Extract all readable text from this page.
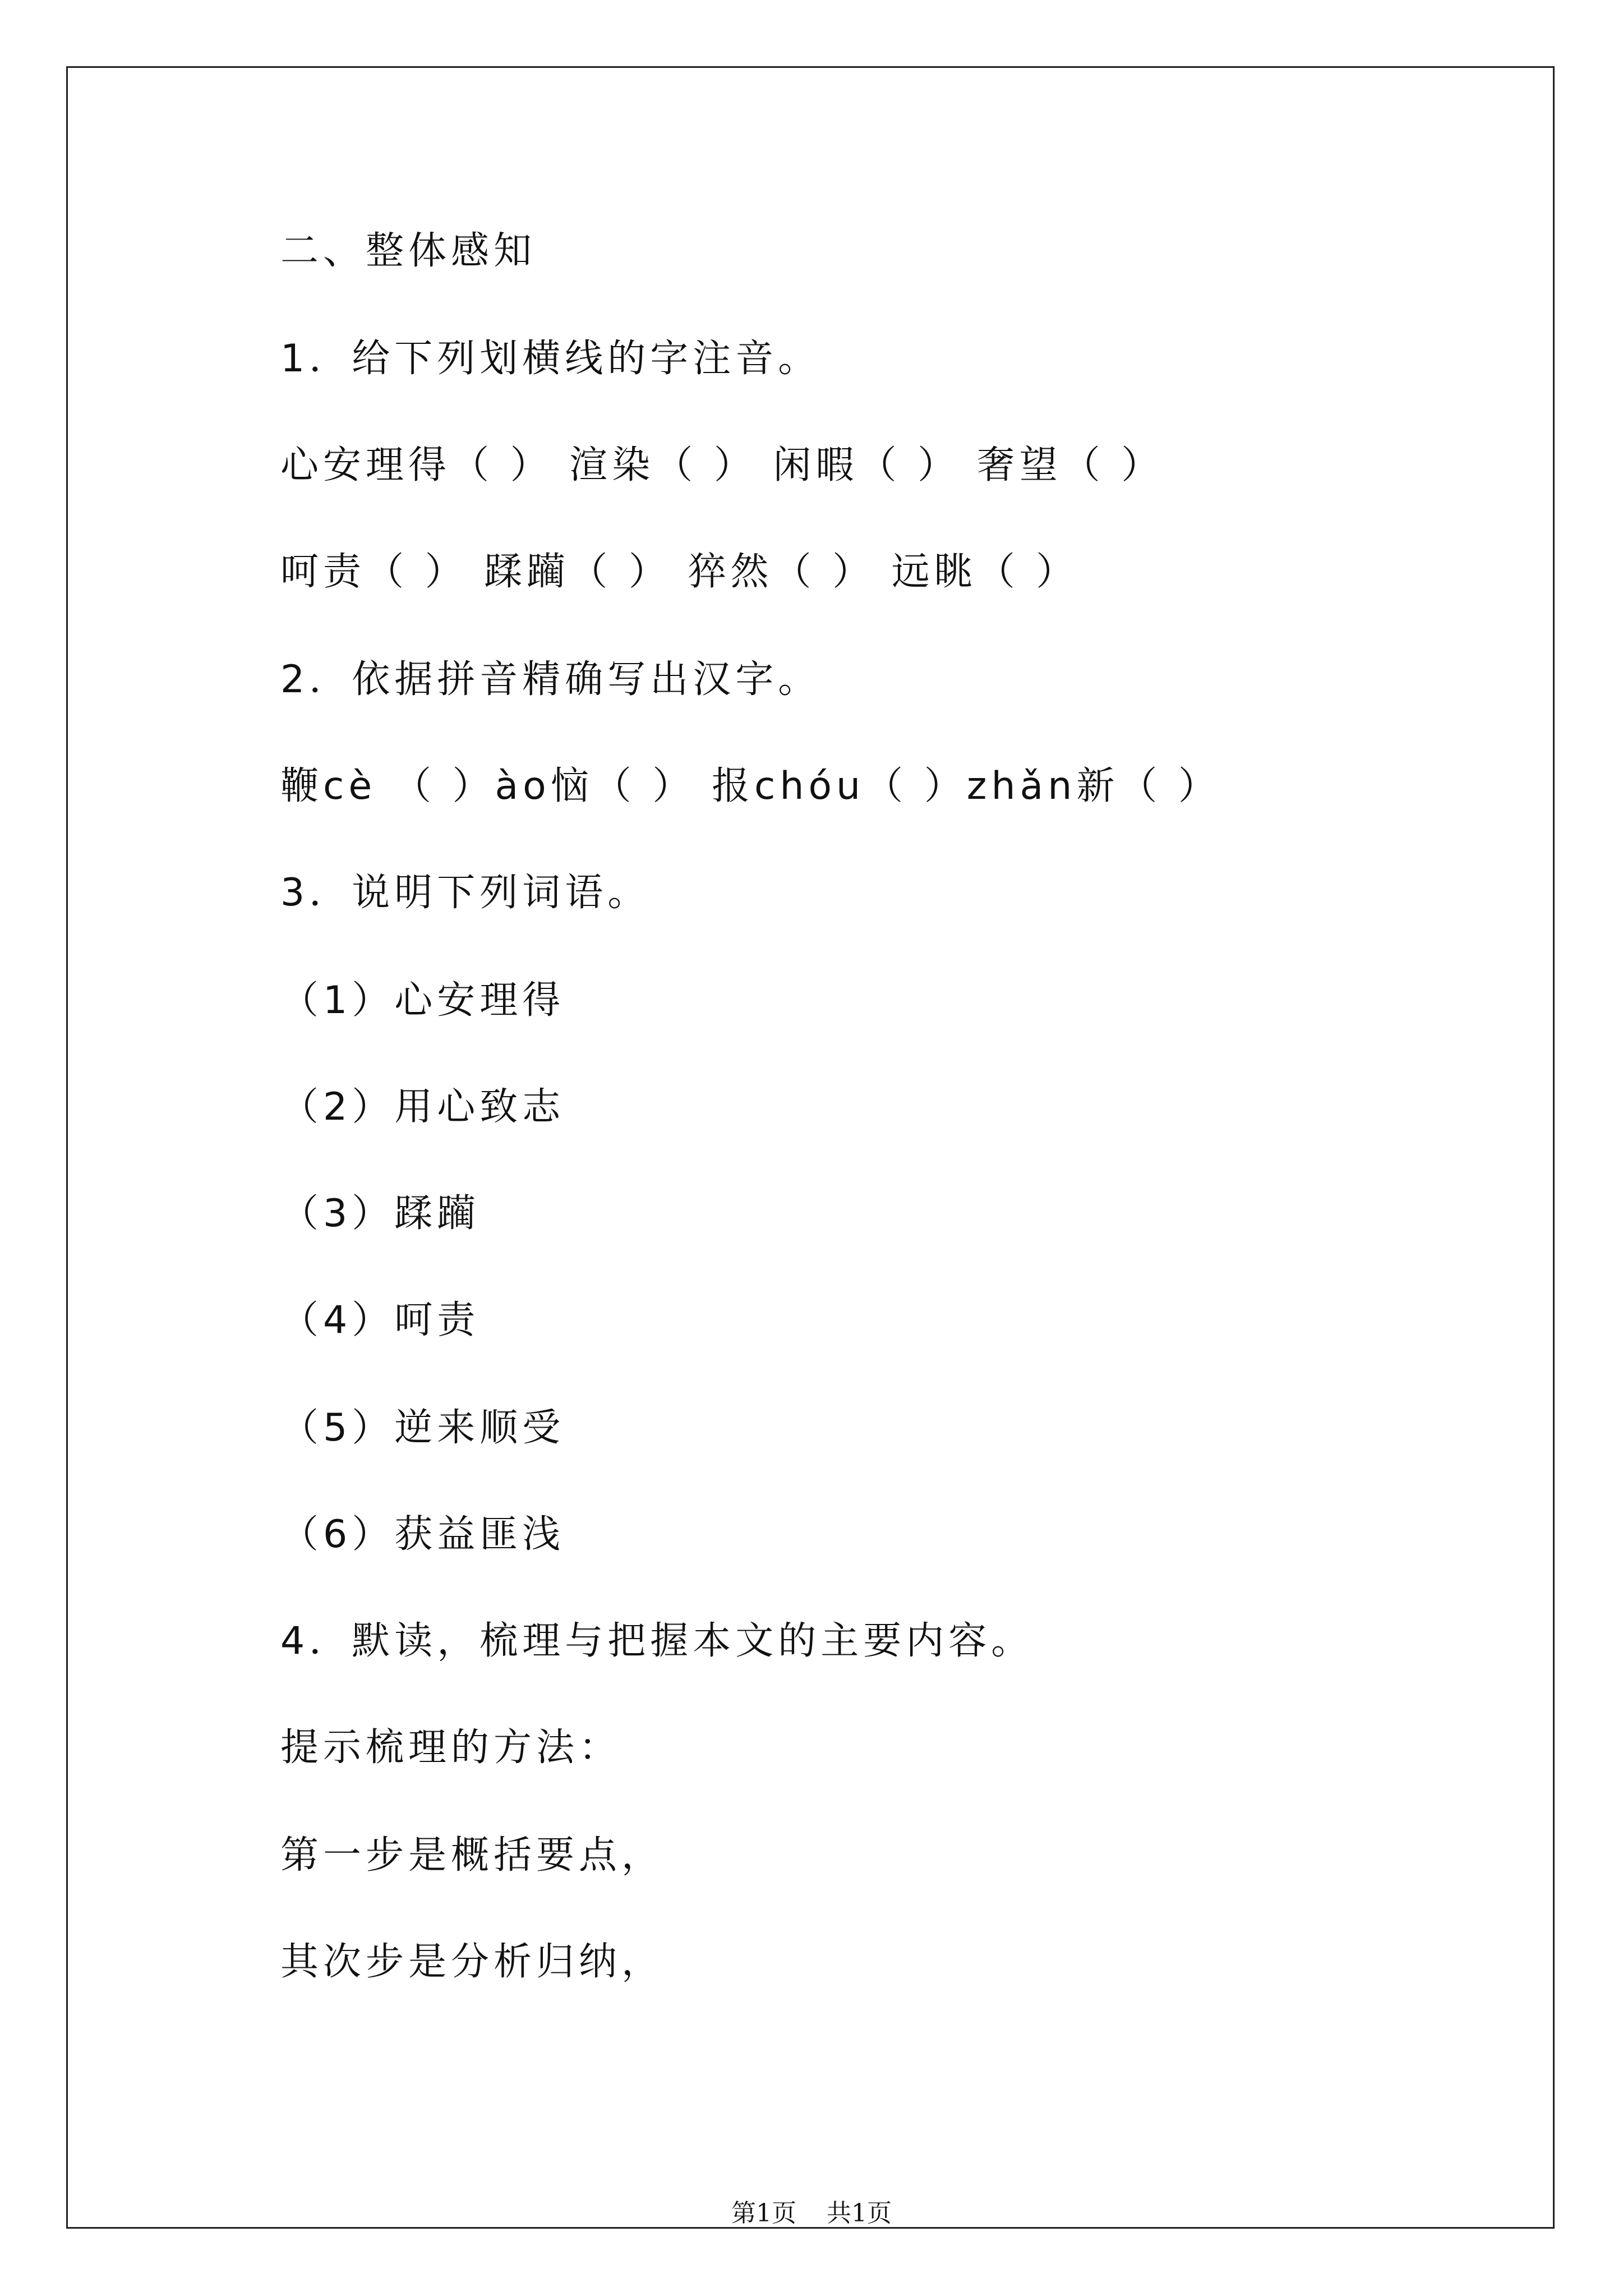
二、整体感知

1．给下列划横线的字注音。

心安理得（ ） 渲染（ ） 闲暇（ ） 奢望（ ）

呵责（ ） 蹂躏（ ） 猝然（ ） 远眺（ ）

2．依据拼音精确写出汉字。

鞭cè （ ）ào恼（ ） 报chóu（ ）zhǎn新（ ）

3．说明下列词语。

（1）心安理得

（2）用心致志

（3）蹂躏

（4）呵责

（5）逆来顺受

（6）获益匪浅

4．默读，梳理与把握本文的主要内容。

提示梳理的方法：

第一步是概括要点，

其次步是分析归纳，

第1页 共1页
